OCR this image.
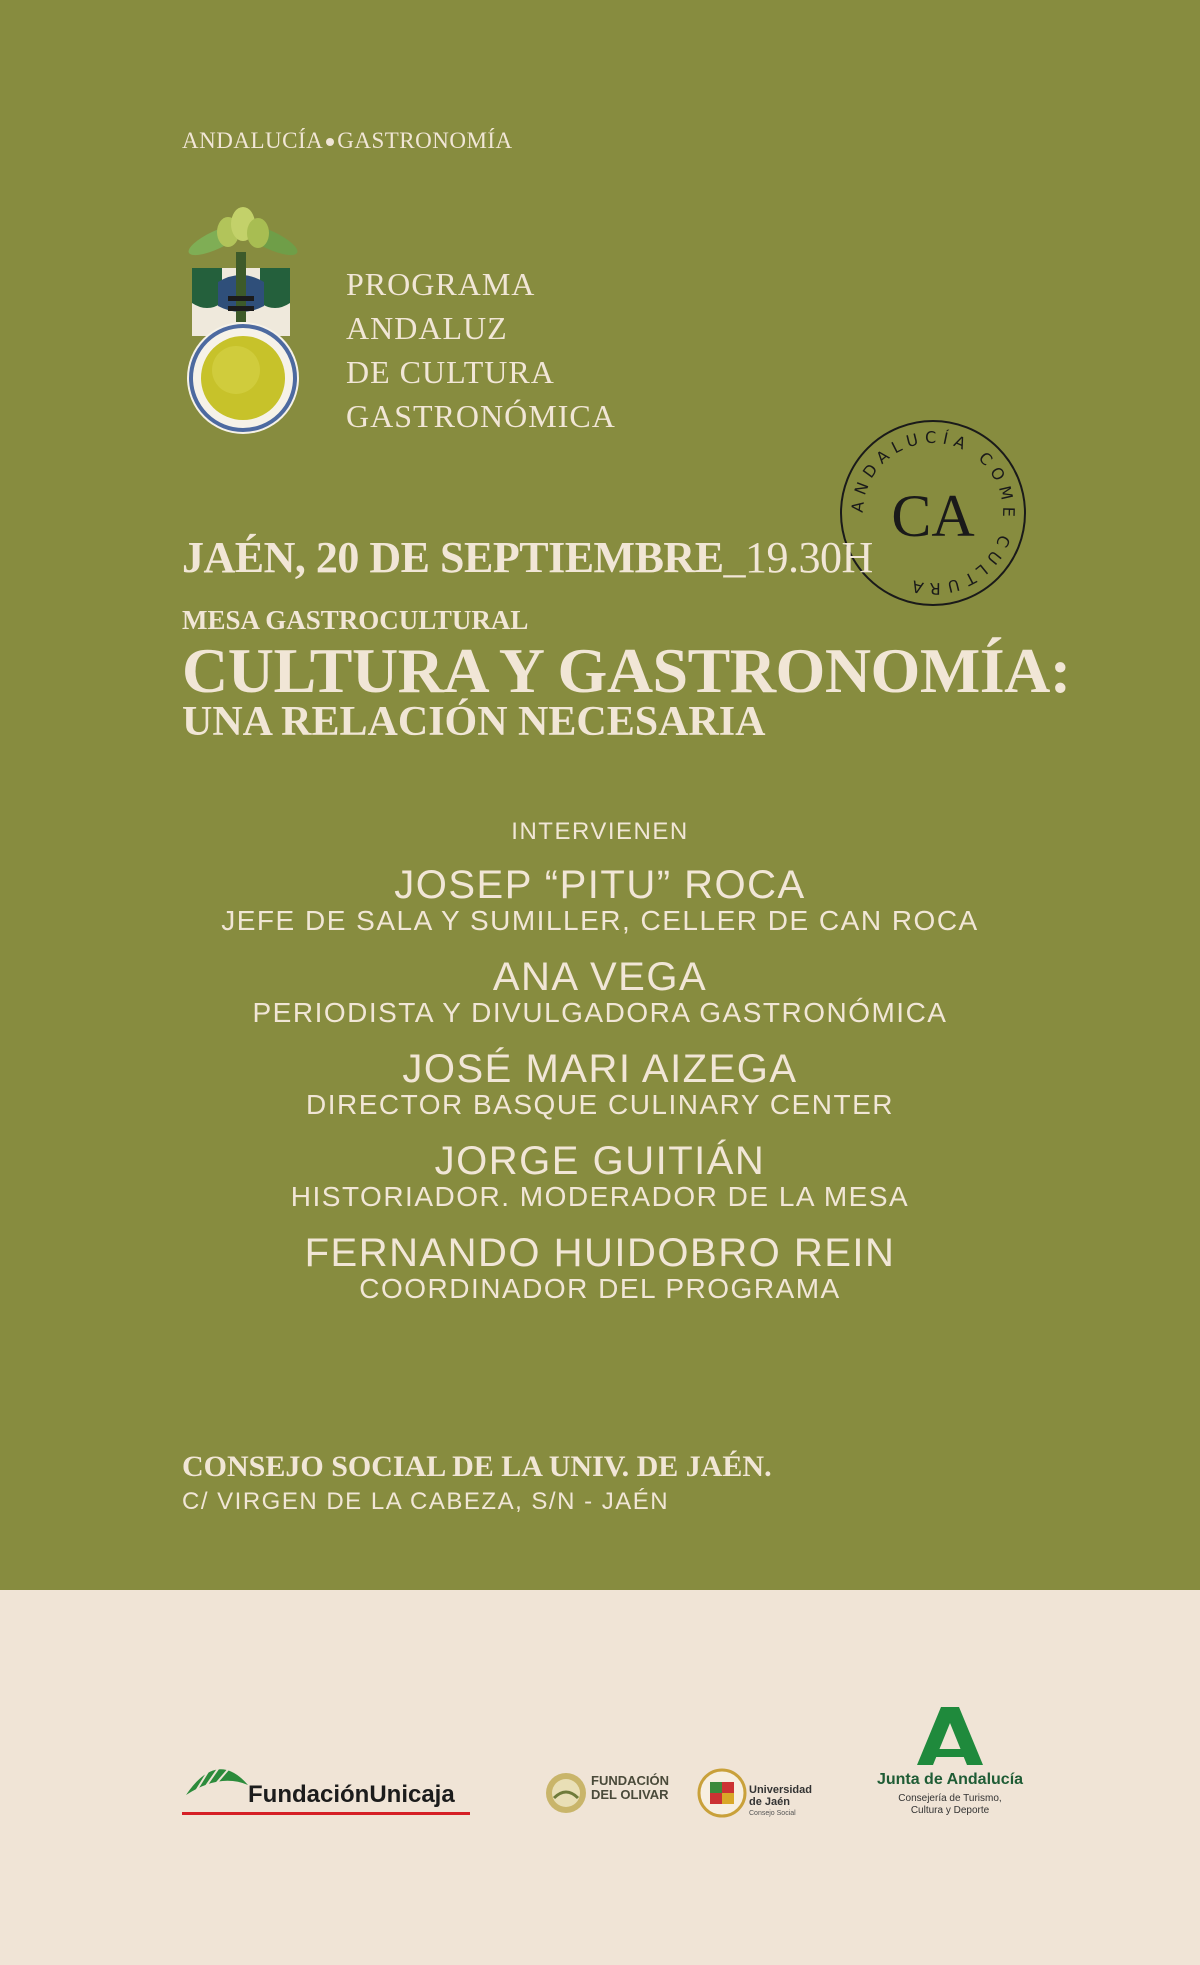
ANDALUCÍA GASTRONOMÍA
PROGRAMA
ANDALUZ
DE CULTURA
GASTRONÓMICA
ANDALUCÍA COME CULTURA
CA
JAÉN, 20 DE SEPTIEMBRE_19.30H
MESA GASTROCULTURAL
CULTURA Y GASTRONOMÍA:
UNA RELACIÓN NECESARIA
INTERVIENEN
JOSEP “PITU” ROCA
JEFE DE SALA Y SUMILLER, CELLER DE CAN ROCA
ANA VEGA
PERIODISTA Y DIVULGADORA GASTRONÓMICA
JOSÉ MARI AIZEGA
DIRECTOR BASQUE CULINARY CENTER
JORGE GUITIÁN
HISTORIADOR. MODERADOR DE LA MESA
FERNANDO HUIDOBRO REIN
COORDINADOR DEL PROGRAMA
CONSEJO SOCIAL DE LA UNIV. DE JAÉN.
C/ VIRGEN DE LA CABEZA, S/N - JAÉN
FundaciónUnicaja
FUNDACIÓN
DEL OLIVAR	Universidad
de Jaén
Consejo Social
Junta de Andalucía
Consejería de Turismo,
Cultura y Deporte
